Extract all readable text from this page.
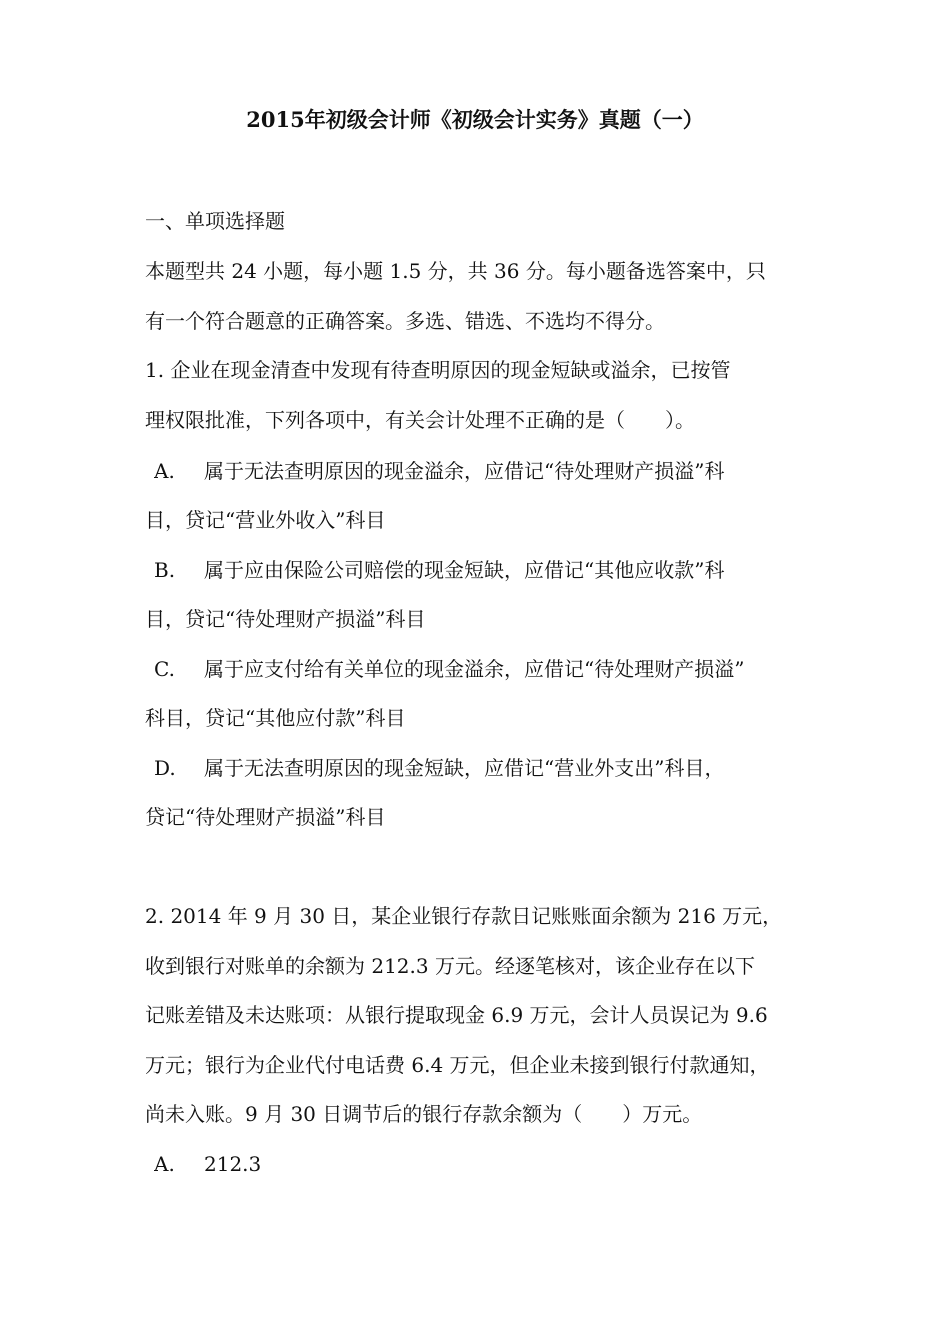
2015年初级会计师《初级会计实务》真题（一）
一、单项选择题
本题型共 24 小题，每小题 1.5 分，共 36 分。每小题备选答案中，只
有一个符合题意的正确答案。多选、错选、不选均不得分。
1. 企业在现金清查中发现有待查明原因的现金短缺或溢余，已按管
理权限批准，下列各项中，有关会计处理不正确的是（　　）。
A. 属于无法查明原因的现金溢余，应借记“待处理财产损溢”科
目，贷记“营业外收入”科目
B. 属于应由保险公司赔偿的现金短缺，应借记“其他应收款”科
目，贷记“待处理财产损溢”科目
C. 属于应支付给有关单位的现金溢余，应借记“待处理财产损溢”
科目，贷记“其他应付款”科目
D. 属于无法查明原因的现金短缺，应借记“营业外支出”科目，
贷记“待处理财产损溢”科目
2. 2014 年 9 月 30 日，某企业银行存款日记账账面余额为 216 万元，
收到银行对账单的余额为 212.3 万元。经逐笔核对，该企业存在以下
记账差错及未达账项：从银行提取现金 6.9 万元，会计人员误记为 9.6
万元；银行为企业代付电话费 6.4 万元，但企业未接到银行付款通知，
尚未入账。9 月 30 日调节后的银行存款余额为（　　）万元。
A. 212.3
